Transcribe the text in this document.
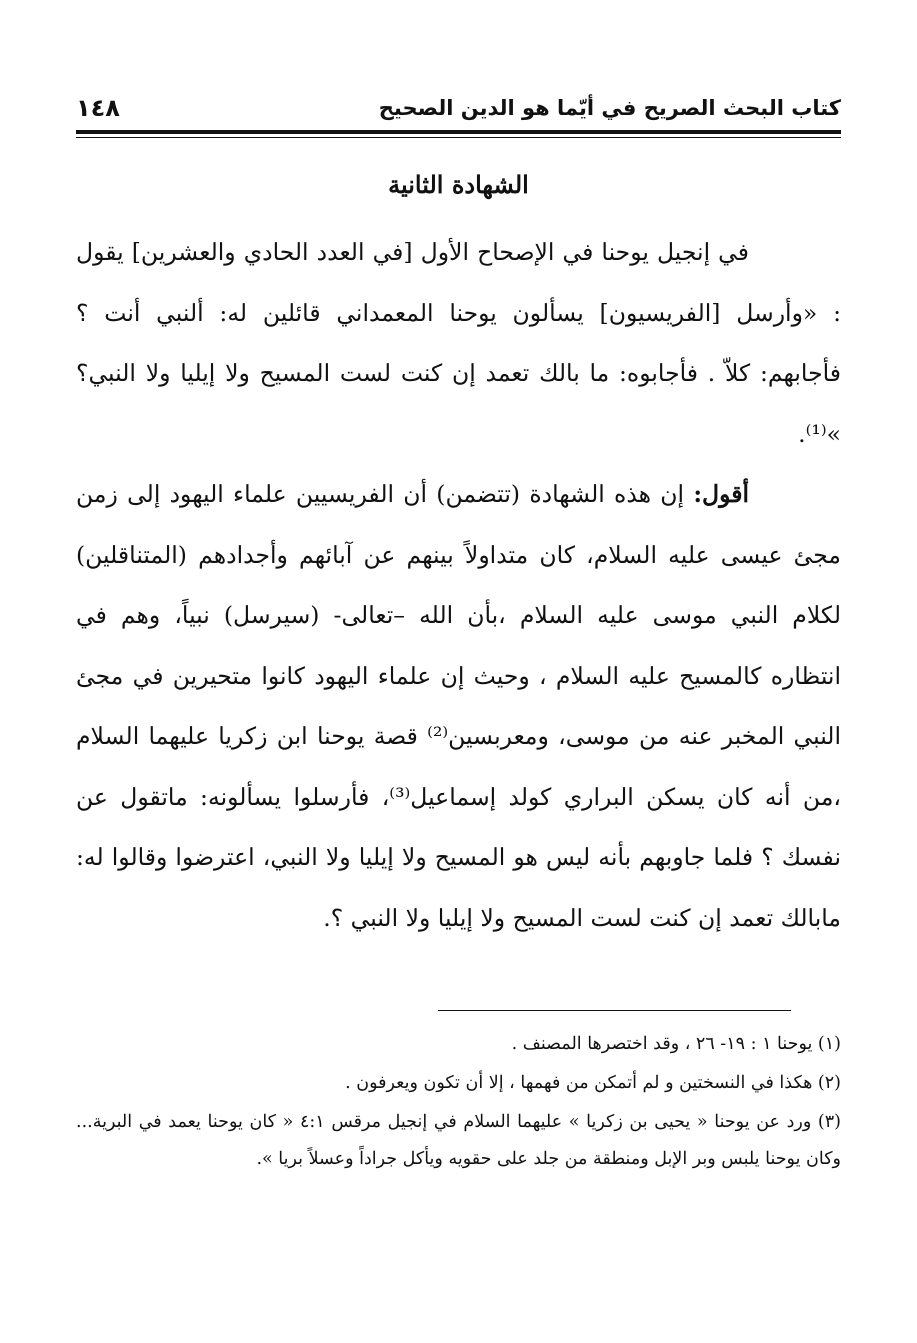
كتاب البحث الصريح في أيّما هو الدين الصحيح
١٤٨
الشهادة الثانية

في إنجيل يوحنا في الإصحاح الأول [في العدد الحادي والعشرين] يقول : «وأرسل [الفريسيون] يسألون يوحنا المعمداني قائلين له: ألنبي أنت ؟ فأجابهم: كلاّ . فأجابوه: ما بالك تعمد إن كنت لست المسيح ولا إيليا ولا النبي؟ »⁽¹⁾.

أقول: إن هذه الشهادة (تتضمن) أن الفريسيين علماء اليهود إلى زمن مجئ عيسى عليه السلام، كان متداولاً بينهم عن آبائهم وأجدادهم (المتناقلين) لكلام النبي موسى عليه السلام ،بأن الله –تعالى- (سيرسل) نبياً، وهم في انتظاره كالمسيح عليه السلام ، وحيث إن علماء اليهود كانوا متحيرين في مجئ النبي المخبر عنه من موسى، ومعربسين⁽²⁾ قصة يوحنا ابن زكريا عليهما السلام ،من أنه كان يسكن البراري كولد إسماعيل⁽³⁾، فأرسلوا يسألونه: ماتقول عن نفسك ؟ فلما جاوبهم بأنه ليس هو المسيح ولا إيليا ولا النبي، اعترضوا وقالوا له: مابالك تعمد إن كنت لست المسيح ولا إيليا ولا النبي ؟.

(١) يوحنا ١ : ١٩- ٢٦ ، وقد اختصرها المصنف .

(٢) هكذا في النسختين و لم أتمكن من فهمها ، إلا أن تكون ويعرفون .

(٣) ورد عن يوحنا « يحيى بن زكريا » عليهما السلام في إنجيل مرقس ٤:١ « كان يوحنا يعمد في البرية... وكان يوحنا يلبس وبر الإبل ومنطقة من جلد على حقويه ويأكل جراداً وعسلاً بريا ».
